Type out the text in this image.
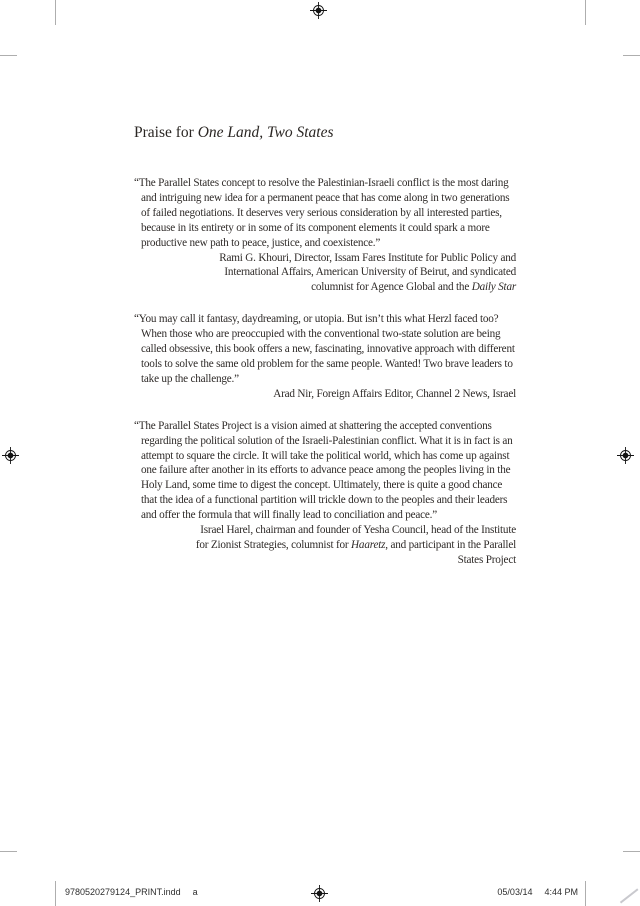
Praise for One Land, Two States
“The Parallel States concept to resolve the Palestinian-Israeli conflict is the most daring and intriguing new idea for a permanent peace that has come along in two generations of failed negotiations. It deserves very serious consideration by all interested parties, because in its entirety or in some of its component elements it could spark a more productive new path to peace, justice, and coexistence.”
Rami G. Khouri, Director, Issam Fares Institute for Public Policy and International Affairs, American University of Beirut, and syndicated columnist for Agence Global and the Daily Star
“You may call it fantasy, daydreaming, or utopia. But isn’t this what Herzl faced too? When those who are preoccupied with the conventional two-state solution are being called obsessive, this book offers a new, fascinating, innovative approach with different tools to solve the same old problem for the same people. Wanted! Two brave leaders to take up the challenge.”
Arad Nir, Foreign Affairs Editor, Channel 2 News, Israel
“The Parallel States Project is a vision aimed at shattering the accepted conventions regarding the political solution of the Israeli-Palestinian conflict. What it is in fact is an attempt to square the circle. It will take the political world, which has come up against one failure after another in its efforts to advance peace among the peoples living in the Holy Land, some time to digest the concept. Ultimately, there is quite a good chance that the idea of a functional partition will trickle down to the peoples and their leaders and offer the formula that will finally lead to conciliation and peace.”
Israel Harel, chairman and founder of Yesha Council, head of the Institute for Zionist Strategies, columnist for Haaretz, and participant in the Parallel States Project
9780520279124_PRINT.indd a	05/03/14 4:44 PM
